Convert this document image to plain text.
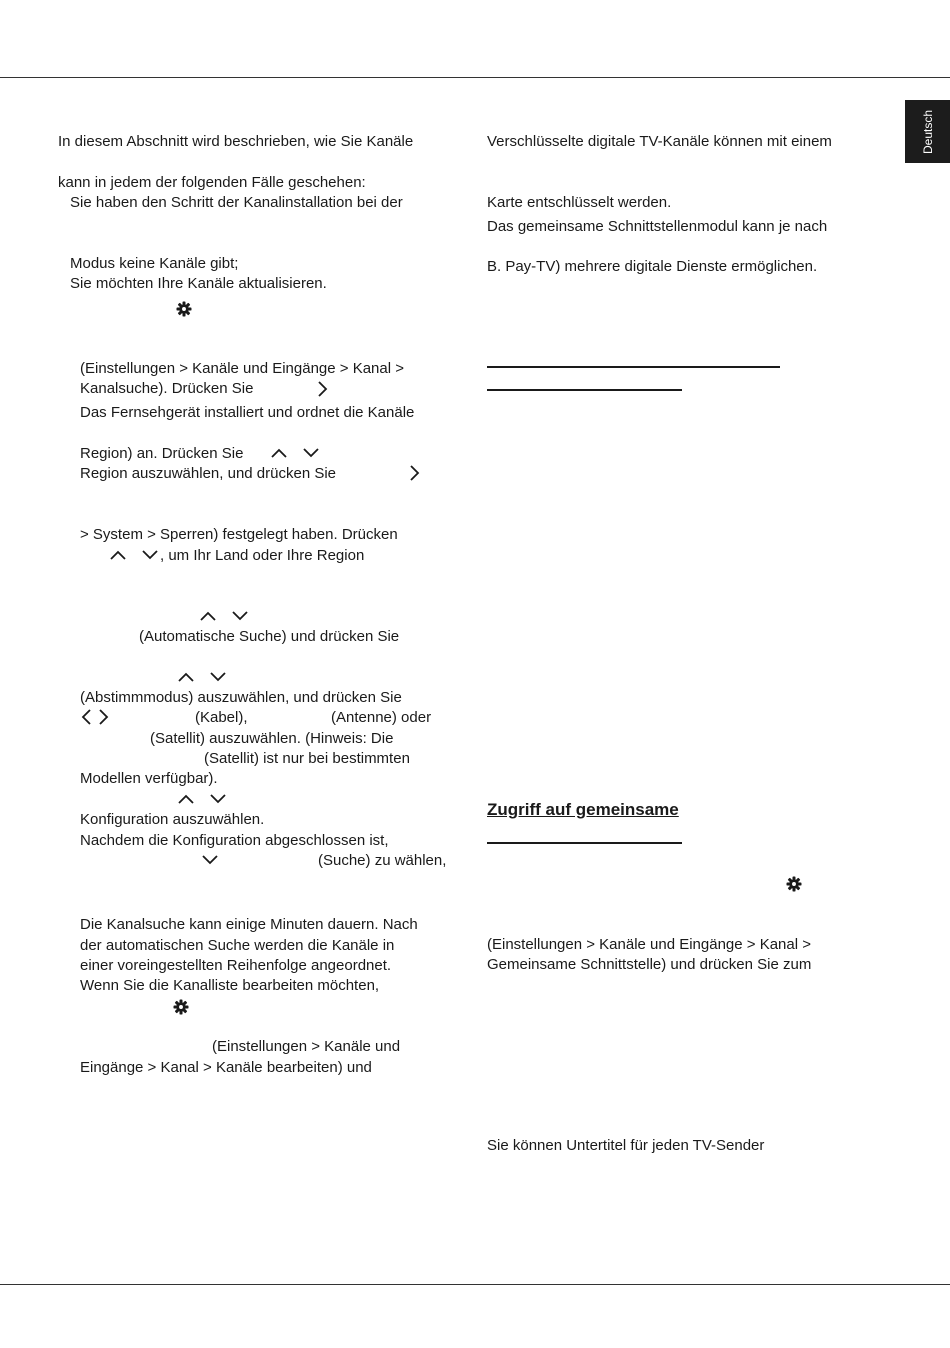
Deutsch
In diesem Abschnitt wird beschrieben, wie Sie Kanäle
kann in jedem der folgenden Fälle geschehen:
Sie haben den Schritt der Kanalinstallation bei der
Modus keine Kanäle gibt;
Sie möchten Ihre Kanäle aktualisieren.
(Einstellungen > Kanäle und Eingänge > Kanal >
Kanalsuche). Drücken Sie
Das Fernsehgerät installiert und ordnet die Kanäle
Region) an. Drücken Sie
Region auszuwählen, und drücken Sie
> System > Sperren) festgelegt haben. Drücken
, um Ihr Land oder Ihre Region
(Automatische Suche) und drücken Sie
(Abstimmmodus) auszuwählen, und drücken Sie
(Kabel),	(Antenne) oder
(Satellit) auszuwählen. (Hinweis: Die
(Satellit) ist nur bei bestimmten
Modellen verfügbar).
Konfiguration auszuwählen.
Nachdem die Konfiguration abgeschlossen ist,
(Suche) zu wählen,
Die Kanalsuche kann einige Minuten dauern. Nach
der automatischen Suche werden die Kanäle in
einer voreingestellten Reihenfolge angeordnet.
Wenn Sie die Kanalliste bearbeiten möchten,
(Einstellungen > Kanäle und
Eingänge > Kanal > Kanäle bearbeiten) und
Verschlüsselte digitale TV-Kanäle können mit einem
Karte entschlüsselt werden.
Das gemeinsame Schnittstellenmodul kann je nach
B. Pay-TV) mehrere digitale Dienste ermöglichen.
Zugriff auf gemeinsame
(Einstellungen > Kanäle und Eingänge > Kanal >
Gemeinsame Schnittstelle) und drücken Sie zum
Sie können Untertitel für jeden TV-Sender
